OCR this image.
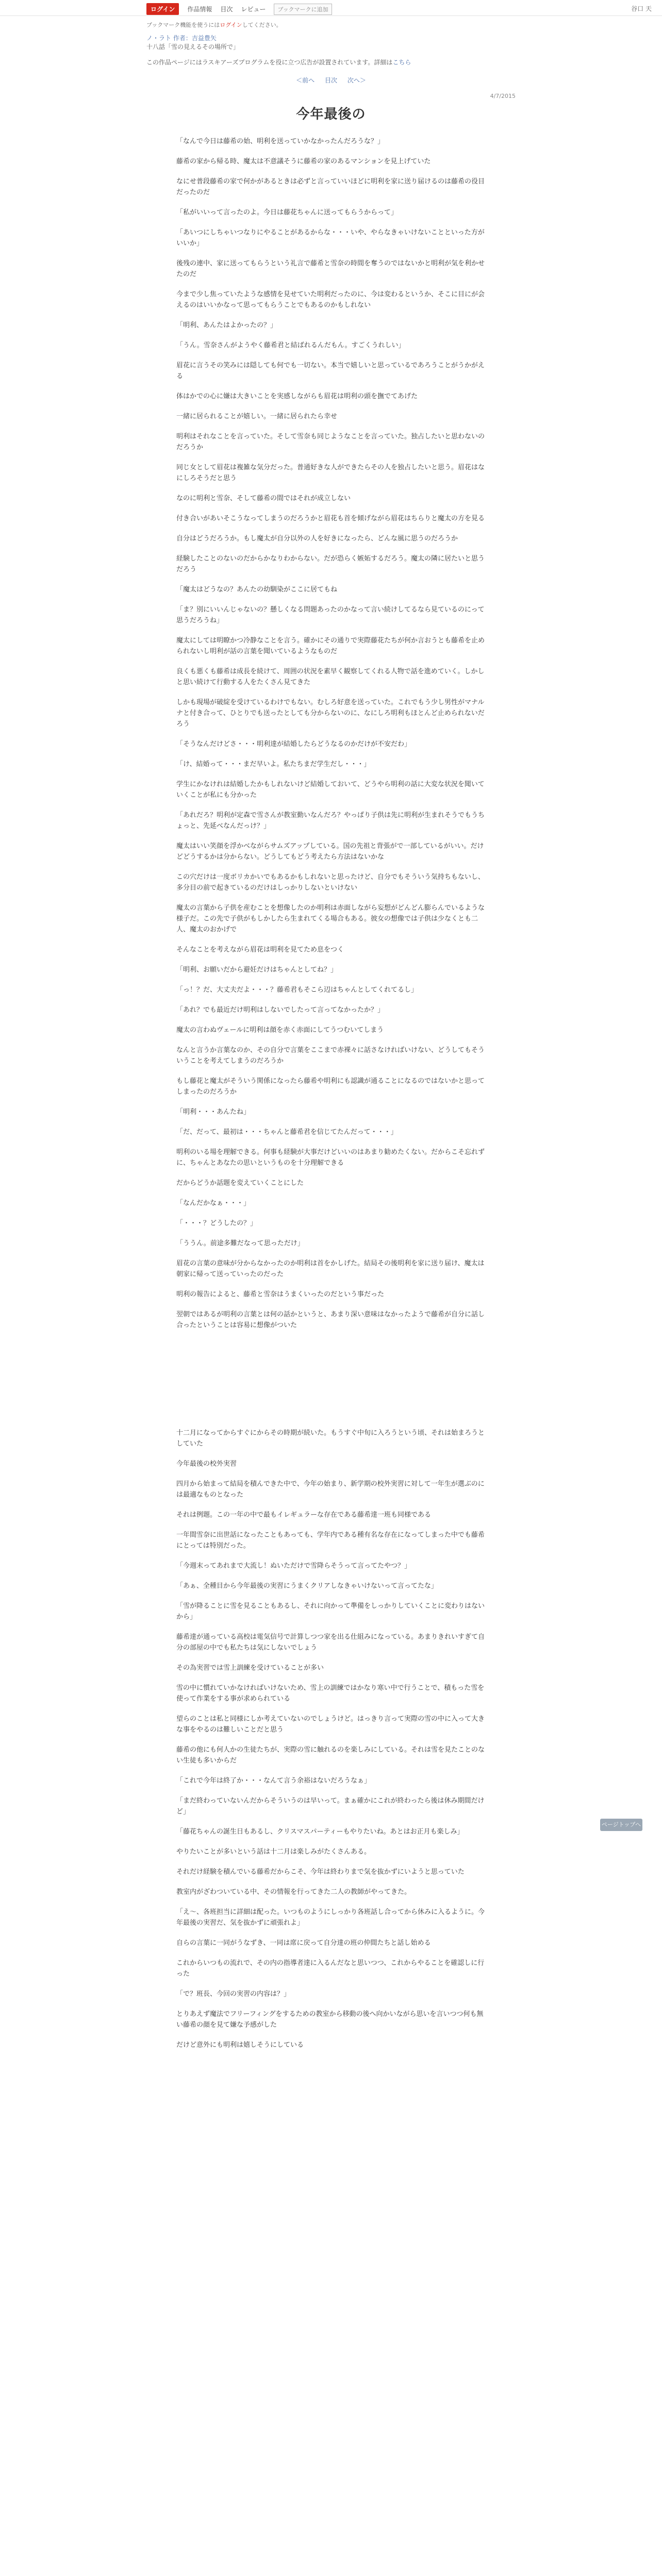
ログイン	作品情報 目次 レビュー	ブックマークに追加	谷口 天
ブックマーク機能を使うにはログインしてください。
ノ・ラト 作者：吉益豊矢
十八話「雪の見えるその場所で」
この作品ページにはラスキアーズプログラムを役に立つ広告が設置されています。詳細はこちら
＜前へ 目次 次へ＞
4/7/2015
今年最後の

「なんで今日は藤希の始、明利を送っていかなかったんだろうな？」

藤希の家から帰る時、魔太は不意議そうに藤希の家のあるマンションを見上げていた

なにせ普段藤希の家で何かがあるときは必ずと言っていいほどに明利を家に送り届けるのは藤希の役目だったのだ

「私がいいって言ったのよ。今日は藤花ちゃんに送ってもらうからって」

「あいつにしちゃいつなりにやることがあるからな・・・いや、やらなきゃいけないことといった方がいいか」

後残の連中、家に送ってもらうという礼言で藤希と雪奈の時間を奪うのではないかと明利が気を利かせたのだ

今まで少し焦っていたような感情を見せていた明利だったのに、今は変わるというか、そこに目にが会えるのはいいかなって思ってもらうことでもあるのかもしれない

「明利、あんたはよかったの？」

「うん。雪奈さんがようやく藤希君と結ばれるんだもん。すごくうれしい」

眉花に言うその笑みには隠しても何でも一切ない。本当で嬉しいと思っているであろうことがうかがえる

体はかでの心に嫌は大きいことを実感しながらも眉花は明利の頭を撫でてあげた

一緒に居られることが嬉しい。一緒に居られたら幸せ

明利はそれなことを言っていた。そして雪奈も同じようなことを言っていた。独占したいと思わないのだろうか

同じ女として眉花は複雑な気分だった。普通好きな人ができたらその人を独占したいと思う。眉花はなにしろそうだと思う

なのに明利と雪奈、そして藤希の間ではそれが成立しない

付き合いがあいそこうなってしまうのだろうかと眉花も首を傾げながら眉花はちらりと魔太の方を見る

自分はどうだろうか。もし魔太が自分以外の人を好きになったら、どんな風に思うのだろうか

経験したことのないのだからかなりわからない。だが恐らく嫉妬するだろう。魔太の隣に居たいと思うだろう

「魔太はどうなの？あんたの幼馴染がここに居てもね

「ま？別にいいんじゃないの？懸しくなる問題あったのかなって言い続けしてるなら見ているのにって思うだろうね」

魔太にしては明瞭かつ冷静なことを言う。確かにその通りで実際藤花たちが何か言おうとも藤希を止められないし明利が話の言葉を聞いているようなものだ

良くも悪くも藤希は成長を続けて、周囲の状況を素早く観察してくれる人物で話を進めていく。しかしと思い続けて行動する人をたくさん見てきた

しかも現場が破綻を受けているわけでもない。むしろ好意を送っていた。これでもう少し男性がマナルナと付き合って、ひとりでも送ったとしても分からないのに、なにしろ明利もほとんど止められないだろう

「そうなんだけどさ・・・明利達が結婚したらどうなるのかだけが不安だわ」

「け、結婚って・・・まだ早いよ。私たちまだ学生だし・・・」

学生にかなけれは結婚したかもしれないけど結婚しておいて、どうやら明利の話に大変な状況を聞いていくことが私にも分かった

「あれだろ？明利が定森で雪さんが教室勤いなんだろ？やっぱり子供は先に明利が生まれそうでもうちょっと、先延べなんだっけ？」

魔太はいい笑顔を浮かべながらサムズアップしている。国の先祖と背張がで一部しているがいい。だけどどうするかは分からない。どうしてもどう考えたら方法はないかな

この穴だけは一度ボリカかいでもあるかもしれないと思ったけど、自分でもそういう気持ちもないし、多分目の前で起きているのだけはしっかりしないといけない

魔太の言葉から子供を産むことを想像したのか明利は赤面しながら妄想がどんどん膨らんでいるような様子だ。この先で子供がもしかしたら生まれてくる場合もある。彼女の想像では子供は少なくとも二人、魔太のおかげで

そんなことを考えながら眉花は明利を見てため息をつく

「明利、お願いだから避妊だけはちゃんとしてね？」

「っ！？だ、大丈夫だよ・・・？藤希君もそこら辺はちゃんとしてくれてるし」

「あれ？でも最近だけ明利はしないでしたって言ってなかったか？」

魔太の言わぬヴェールに明利は顔を赤く赤面にしてうつむいてしまう

なんと言うか言葉なのか、その自分で言葉をここまで赤裸々に話さなければいけない、どうしてもそういうことを考えてしまうのだろうか

もし藤花と魔太がそういう関係になったら藤希や明利にも認識が通ることになるのではないかと思ってしまったのだろうか

「明利・・・あんたね」

「だ、だって、最初は・・・ちゃんと藤希君を信じてたんだって・・・」

明利のいる場を理解できる。何事も経験が大事だけどいいのはあまり勧めたくない。だからこそ忘れずに、ちゃんとあなたの思いというものを十分理解できる

だからどうか話題を変えていくことにした

「なんだかなぁ・・・」

「・・・？どうしたの？」

「ううん。前途多難だなって思っただけ」

眉花の言葉の意味が分からなかったのか明利は首をかしげた。結局その後明利を家に送り届け、魔太は朝家に帰って送っていったのだった

明利の報告によると、藤希と雪奈はうまくいったのだという事だった

翌朝ではあるが明利の言葉とは何の話かというと、あまり深い意味はなかったようで藤希が自分に話し合ったということは容易に想像がついた

十二月になってからすぐにからその時期が続いた。もうすぐ中旬に入ろうという頃、それは始まろうとしていた

今年最後の校外実習

四月から始まって結局を積んできた中で、今年の始まり、新学期の校外実習に対して一年生が選ぶのには最適なものとなった

それは例題。この一年の中で最もイレギュラーな存在である藤希達一班も同様である

一年間雪奈に出世話になったこともあっても、学年内である種有名な存在になってしまった中でも藤希にとっては特別だった。

「今週末ってあれまで大流し！ぬいただけで雪降らそうって言ってたやつ？」

「あぁ、全種目から今年最後の実習にうまくクリアしなきゃいけないって言ってたな」

「雪が降ることに雪を見ることもあるし、それに向かって準備をしっかりしていくことに変わりはないから」

藤希達が通っている高校は電気信号で計算しつつ家を出る仕組みになっている。あまりきれいすぎて自分の部屋の中でも私たちは気にしないでしょう

その為実習では雪上訓練を受けていることが多い

雪の中に慣れていかなければいけないため、雪上の訓練ではかなり寒い中で行うことで、積もった雪を使って作業をする事が求められている

望らのことは私と同様にしか考えていないのでしょうけど。はっきり言って実際の雪の中に入って大きな事をやるのは難しいことだと思う

藤希の他にも何人かの生徒たちが、実際の雪に触れるのを楽しみにしている。それは雪を見たことのない生徒も多いからだ

「これで今年は終了か・・・なんて言う余裕はないだろうなぁ」

「まだ終わっていないんだからそういうのは早いって。まぁ確かにこれが終わったら後は休み期間だけど」

「藤花ちゃんの誕生日もあるし、クリスマスパーティーもやりたいね。あとはお正月も楽しみ」

やりたいことが多いという話は十二月は楽しみがたくさんある。

それだけ経験を積んでいる藤希だからこそ、今年は終わりまで気を抜かずにいようと思っていた

教室内がざわついている中、その情報を行ってきた二人の教師がやってきた。

「え～、各班担当に詳細は配った。いつものようにしっかり各班話し合ってから休みに入るように。今年最後の実習だ、気を抜かずに頑張れよ」

自らの言葉に一同がうなずき、一同は席に戻って自分達の班の仲間たちと話し始める

これからいつもの流れで、その内の指導者達に入るんだなと思いつつ、これからやることを確認しに行った

「で？班長、今回の実習の内容は？」

とりあえず魔法でフリーフィングをするための教室から移動の後へ向かいながら思いを言いつつ何も無い藤希の顔を見て嫌な予感がした

だけど意外にも明利は嬉しそうにしている

ページトップへ
